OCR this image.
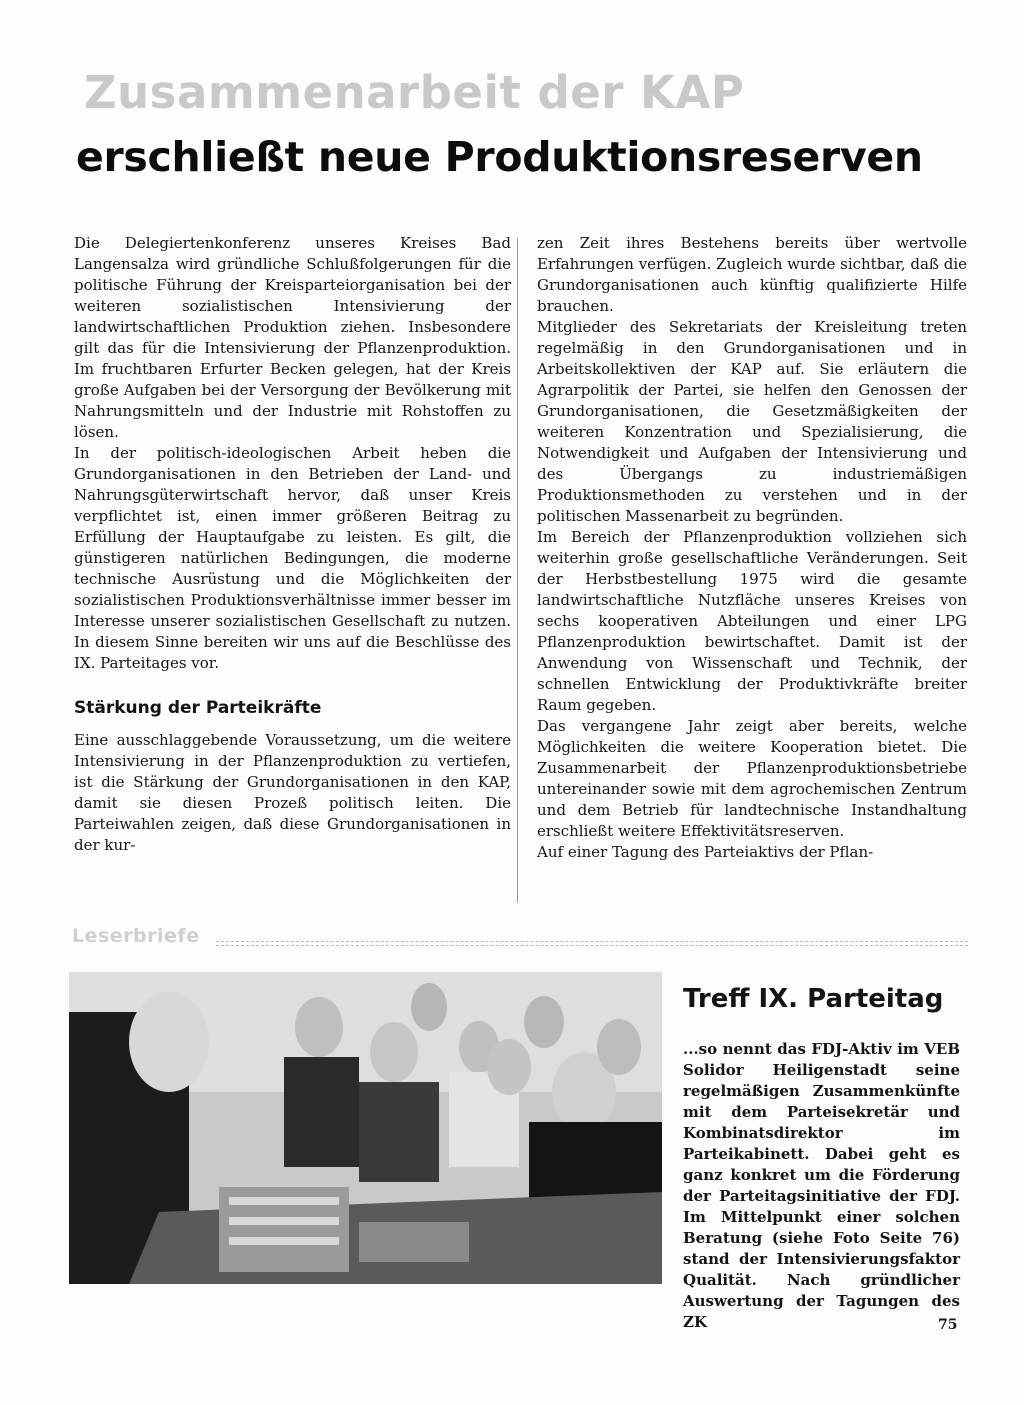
Zusammenarbeit der KAP
erschließt neue Produktionsreserven

Die Delegiertenkonferenz unseres Kreises Bad Langensalza wird gründliche Schlußfolgerungen für die politische Führung der Kreisparteiorganisation bei der weiteren sozialistischen Intensivierung der landwirtschaftlichen Produktion ziehen. Insbesondere gilt das für die Intensivierung der Pflanzenproduktion. Im fruchtbaren Erfurter Becken gelegen, hat der Kreis große Aufgaben bei der Versorgung der Bevölkerung mit Nahrungsmitteln und der Industrie mit Rohstoffen zu lösen.

In der politisch-ideologischen Arbeit heben die Grundorganisationen in den Betrieben der Land- und Nahrungsgüterwirtschaft hervor, daß unser Kreis verpflichtet ist, einen immer größeren Beitrag zu Erfüllung der Hauptaufgabe zu leisten. Es gilt, die günstigeren natürlichen Bedingungen, die moderne technische Ausrüstung und die Möglichkeiten der sozialistischen Produktionsverhältnisse immer besser im Interesse unserer sozialistischen Gesellschaft zu nutzen. In diesem Sinne bereiten wir uns auf die Beschlüsse des IX. Parteitages vor.

Stärkung der Parteikräfte

Eine ausschlaggebende Voraussetzung, um die weitere Intensivierung in der Pflanzenproduktion zu vertiefen, ist die Stärkung der Grundorganisationen in den KAP, damit sie diesen Prozeß politisch leiten. Die Parteiwahlen zeigen, daß diese Grundorganisationen in der kur-

zen Zeit ihres Bestehens bereits über wertvolle Erfahrungen verfügen. Zugleich wurde sichtbar, daß die Grundorganisationen auch künftig qualifizierte Hilfe brauchen.

Mitglieder des Sekretariats der Kreisleitung treten regelmäßig in den Grundorganisationen und in Arbeitskollektiven der KAP auf. Sie erläutern die Agrarpolitik der Partei, sie helfen den Genossen der Grundorganisationen, die Gesetzmäßigkeiten der weiteren Konzentration und Spezialisierung, die Notwendigkeit und Aufgaben der Intensivierung und des Übergangs zu industriemäßigen Produktionsmethoden zu verstehen und in der politischen Massenarbeit zu begründen.

Im Bereich der Pflanzenproduktion vollziehen sich weiterhin große gesellschaftliche Veränderungen. Seit der Herbstbestellung 1975 wird die gesamte landwirtschaftliche Nutzfläche unseres Kreises von sechs kooperativen Abteilungen und einer LPG Pflanzenproduktion bewirtschaftet. Damit ist der Anwendung von Wissenschaft und Technik, der schnellen Entwicklung der Produktivkräfte breiter Raum gegeben.

Das vergangene Jahr zeigt aber bereits, welche Möglichkeiten die weitere Kooperation bietet. Die Zusammenarbeit der Pflanzenproduktionsbetriebe untereinander sowie mit dem agrochemischen Zentrum und dem Betrieb für landtechnische Instandhaltung erschließt weitere Effektivitätsreserven.

Auf einer Tagung des Parteiaktivs der Pflan-

Leserbriefe
Treff IX. Parteitag
...so nennt das FDJ-Aktiv im VEB Solidor Heiligenstadt seine regelmäßigen Zusammenkünfte mit dem Parteisekretär und Kombinatsdirektor im Parteikabinett. Dabei geht es ganz konkret um die Förderung der Parteitagsinitiative der FDJ. Im Mittelpunkt einer solchen Beratung (siehe Foto Seite 76) stand der Intensivierungsfaktor Qualität. Nach gründlicher Auswertung der Tagungen des ZK	75
